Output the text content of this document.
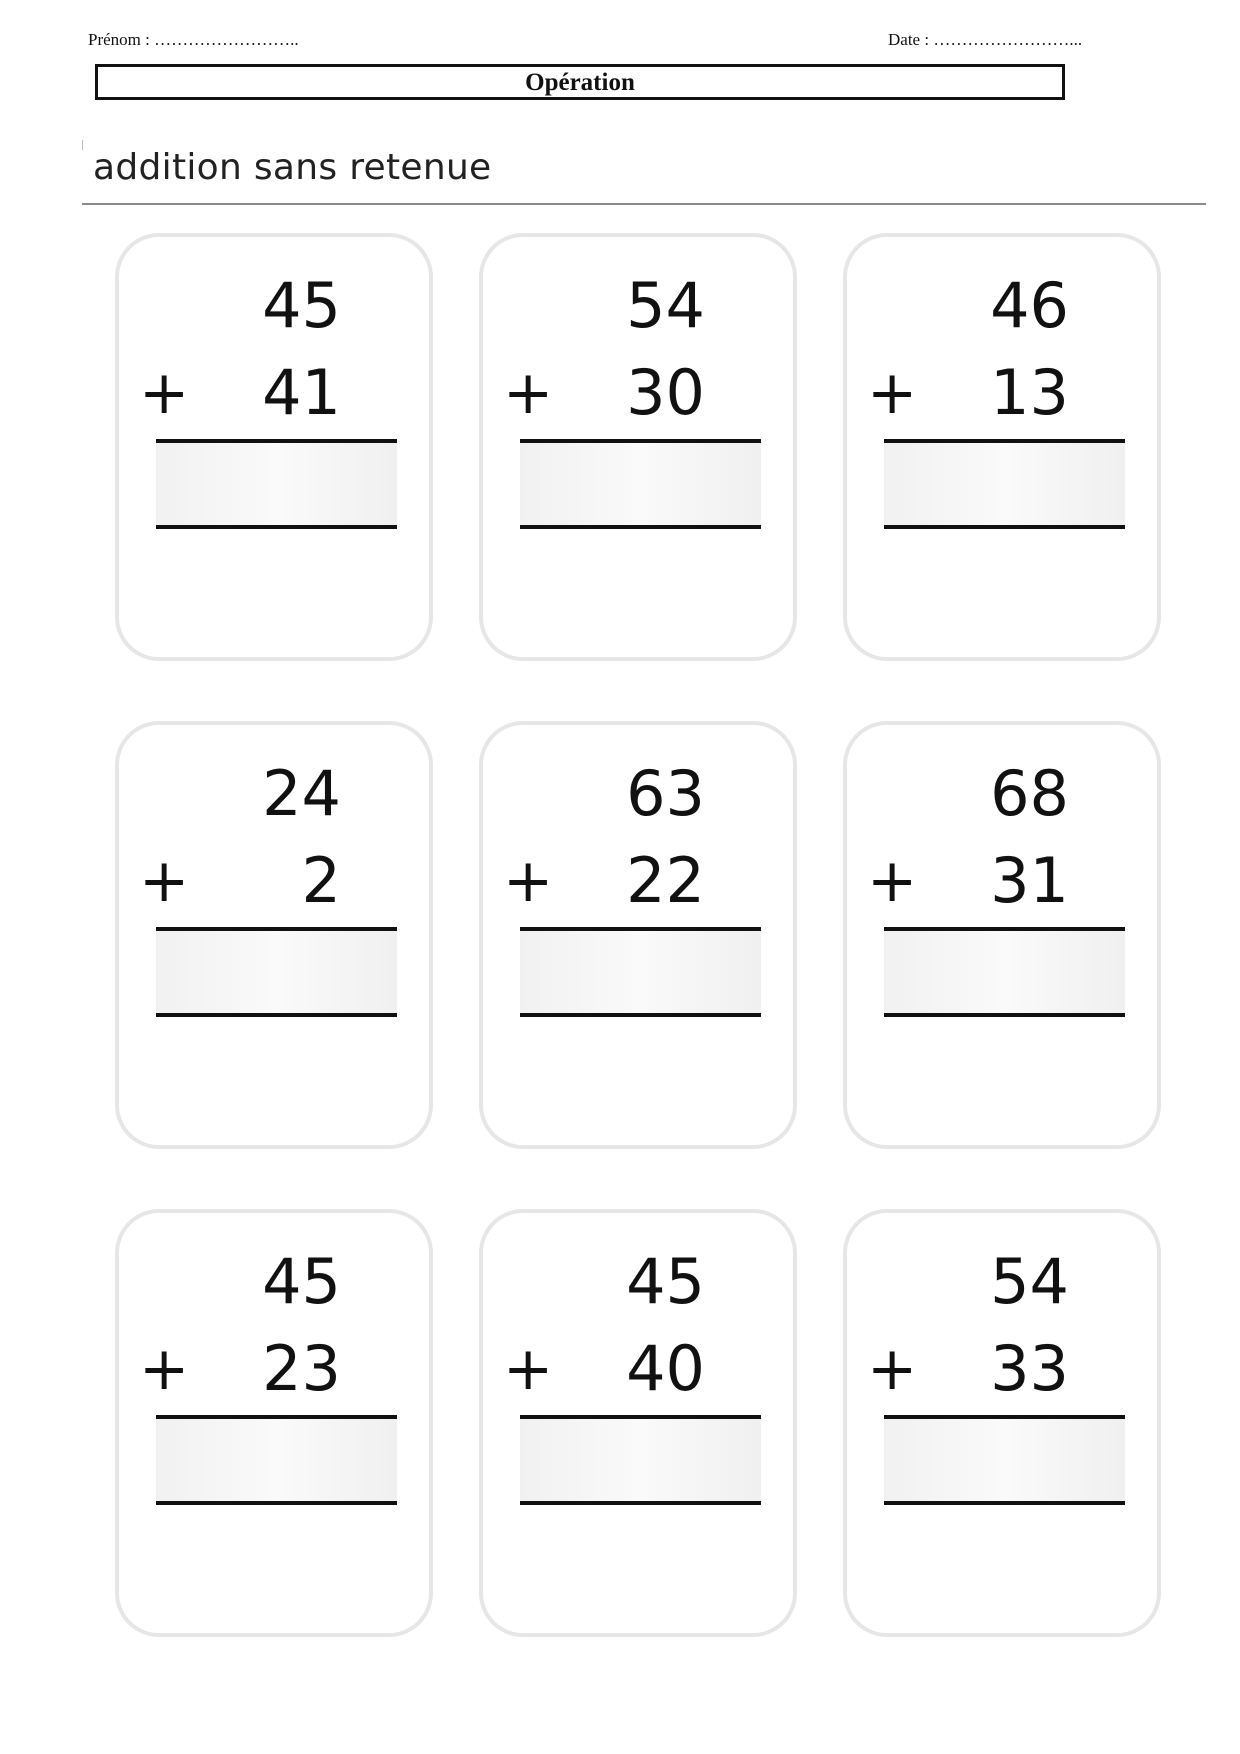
Prénom : ……………………..	Date : ……………………...
Opération
addition sans retenue
45
+ 41
54
+ 30
46
+ 13
24
+ 2
63
+ 22
68
+ 31
45
+ 23
45
+ 40
54
+ 33
